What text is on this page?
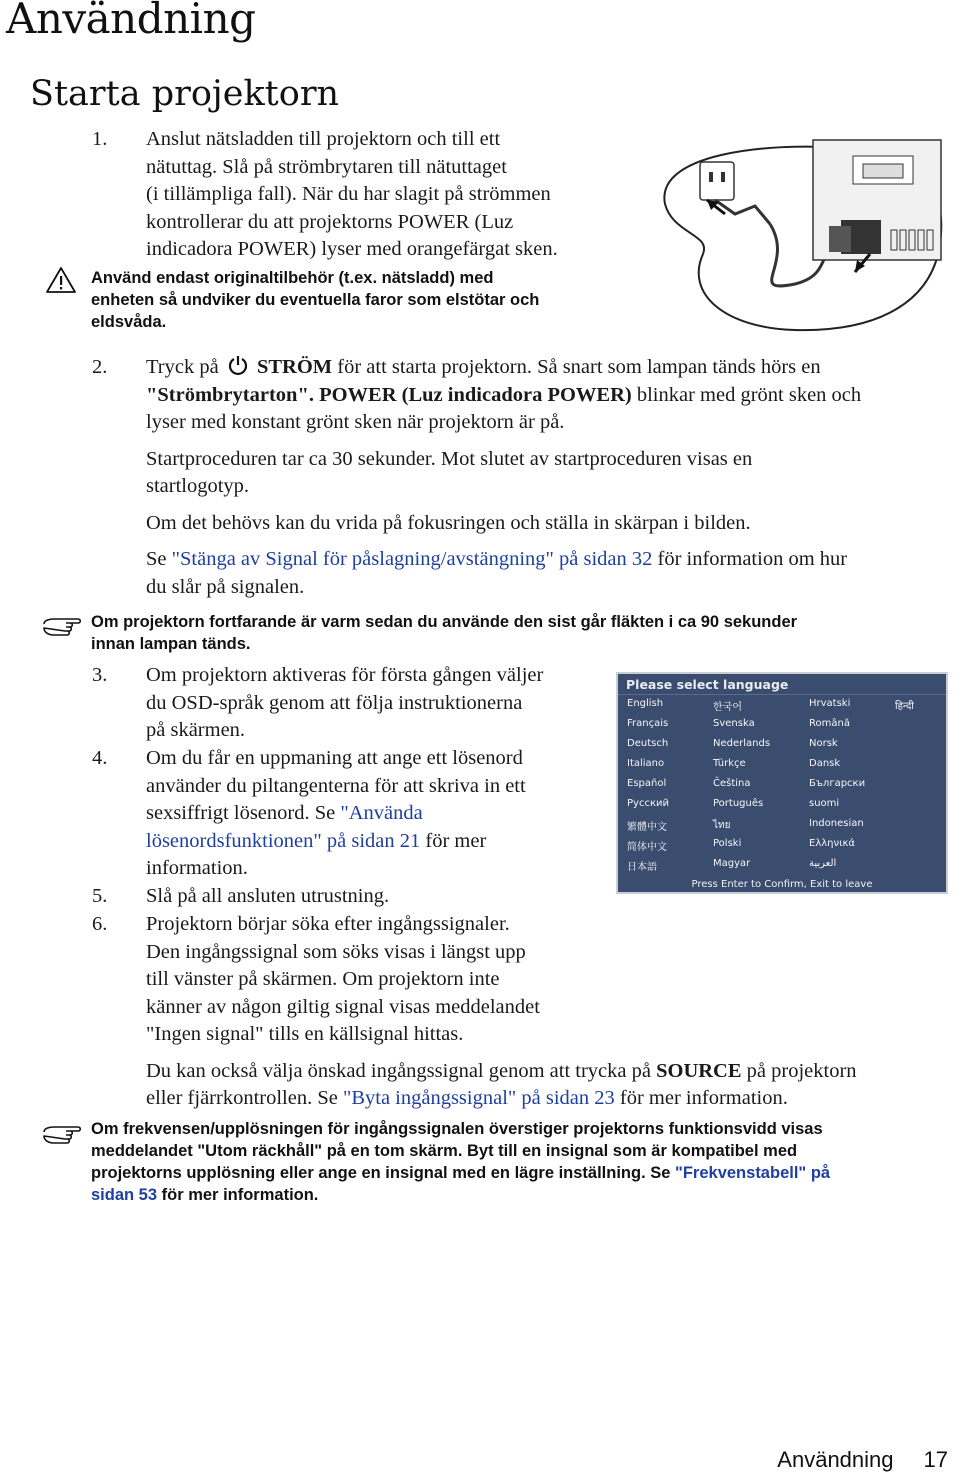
Användning
Starta projektorn
1. Anslut nätsladden till projektorn och till ett
nätuttag. Slå på strömbrytaren till nätuttaget
(i tillämpliga fall). När du har slagit på strömmen
kontrollerar du att projektorns POWER (Luz
indicadora POWER) lyser med orangefärgat sken.
Använd endast originaltilbehör (t.ex. nätsladd) med
enheten så undviker du eventuella faror som elstötar och
eldsvåda.
2. Tryck på STRÖM för att starta projektorn. Så snart som lampan tänds hörs en
"Strömbrytarton". POWER (Luz indicadora POWER) blinkar med grönt sken och
lyser med konstant grönt sken när projektorn är på.
Startproceduren tar ca 30 sekunder. Mot slutet av startproceduren visas en
startlogotyp.
Om det behövs kan du vrida på fokusringen och ställa in skärpan i bilden.
Se "Stänga av Signal för påslagning/avstängning" på sidan 32 för information om hur
du slår på signalen.
Om projektorn fortfarande är varm sedan du använde den sist går fläkten i ca 90 sekunder
innan lampan tänds.
3. Om projektorn aktiveras för första gången väljer
du OSD-språk genom att följa instruktionerna
på skärmen.
4. Om du får en uppmaning att ange ett lösenord
använder du piltangenterna för att skriva in ett
sexsiffrigt lösenord. Se "Använda
lösenordsfunktionen" på sidan 21 för mer
information.
5. Slå på all ansluten utrustning.
6. Projektorn börjar söka efter ingångssignaler.
Den ingångssignal som söks visas i längst upp
till vänster på skärmen. Om projektorn inte
känner av någon giltig signal visas meddelandet
"Ingen signal" tills en källsignal hittas.
Du kan också välja önskad ingångssignal genom att trycka på SOURCE på projektorn
eller fjärrkontrollen. Se "Byta ingångssignal" på sidan 23 för mer information.
Please select language
English	한국어	Hrvatski	हिन्दी
Français	Svenska	Română
Deutsch	Nederlands	Norsk
Italiano	Türkçe	Dansk
Español	Čeština	Български
Русский	Português	suomi
繁體中文	ไทย	Indonesian
简体中文	Polski	Ελληνικά
日本語	Magyar	العربية
Press Enter to Confirm, Exit to leave
Om frekvensen/upplösningen för ingångssignalen överstiger projektorns funktionsvidd visas
meddelandet "Utom räckhåll" på en tom skärm. Byt till en insignal som är kompatibel med
projektorns upplösning eller ange en insignal med en lägre inställning. Se "Frekvenstabell" på
sidan 53 för mer information.
Användning 17
